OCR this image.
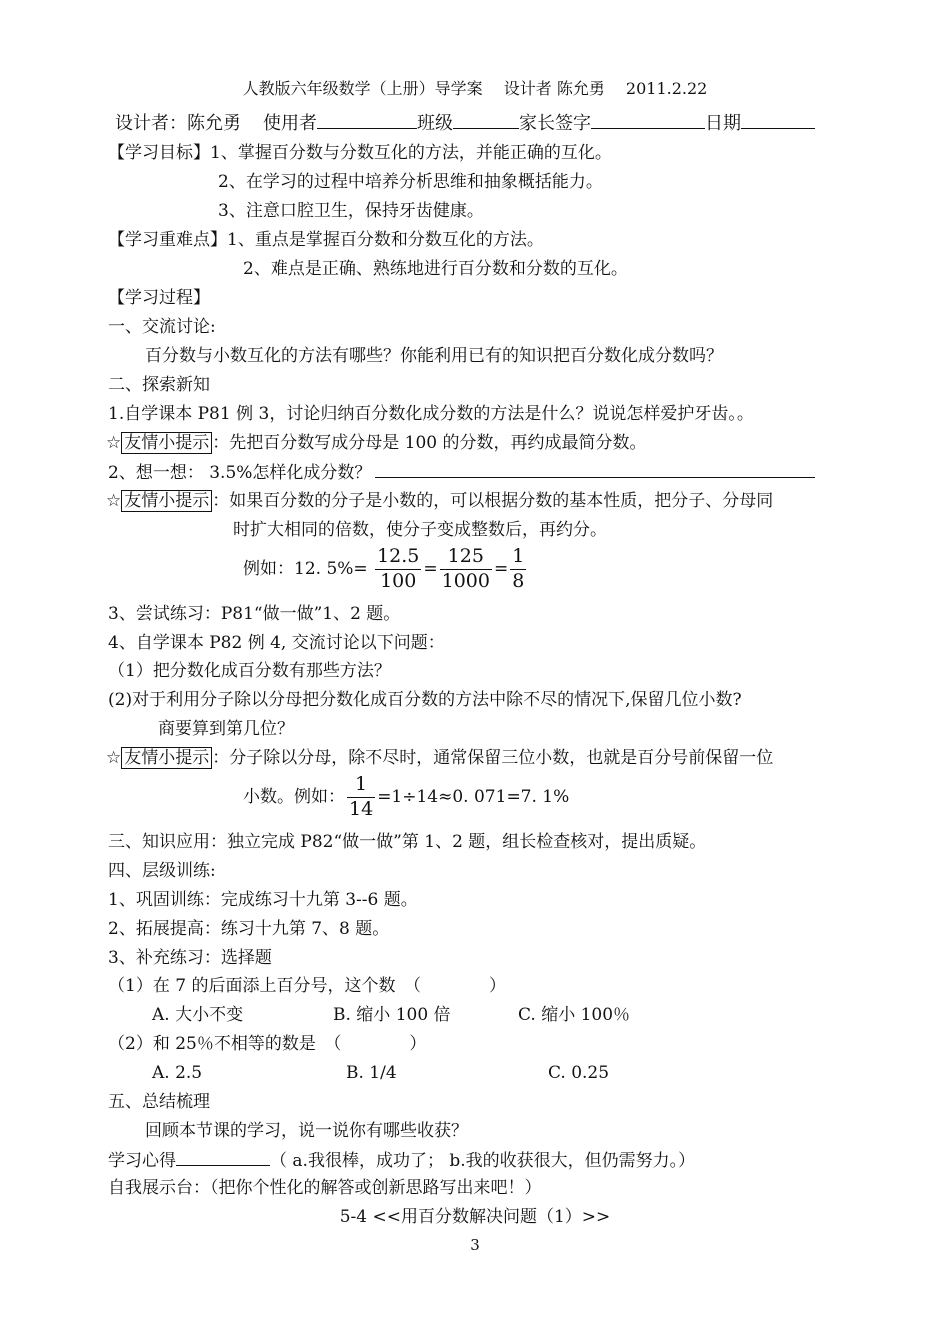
人教版六年级数学（上册）导学案　 设计者 陈允勇　 2011.2.22
设计者：陈允勇 使用者	班级	家长签字	日期
【学习目标】1、掌握百分数与分数互化的方法，并能正确的互化。
2、在学习的过程中培养分析思维和抽象概括能力。
3、注意口腔卫生，保持牙齿健康。
【学习重难点】1、重点是掌握百分数和分数互化的方法。
2、难点是正确、熟练地进行百分数和分数的互化。
【学习过程】
一、交流讨论:
百分数与小数互化的方法有哪些？你能利用已有的知识把百分数化成分数吗？
二、探索新知
1.自学课本 P81 例 3，讨论归纳百分数化成分数的方法是什么？说说怎样爱护牙齿。。
☆ 友情小提示 ：先把百分数写成分母是 100 的分数，再约成最简分数。
2、想一想： 3.5%怎样化成分数？
☆ 友情小提示 ：如果百分数的分子是小数的，可以根据分数的基本性质，把分子、分母同
时扩大相同的倍数，使分子变成整数后，再约分。
例如：12. $5\%= \frac{12.5}{100} = \frac{125}{1000} = \frac{1}{8}$
3、尝试练习：P81“做一做”1、2 题。
4、自学课本 P82 例 4, 交流讨论以下问题：
（1）把分数化成百分数有那些方法？
(2)对于利用分子除以分母把分数化成百分数的方法中除不尽的情况下,保留几位小数?
商要算到第几位？
☆ 友情小提示 ：分子除以分母，除不尽时，通常保留三位小数，也就是百分号前保留一位
小数。例如： $\frac{1}{14} =1\div 14\approx 0$. 071=7. 1%
三、知识应用：独立完成 P82“做一做”第 1、2 题，组长检查核对，提出质疑。
四、层级训练:
1、巩固训练：完成练习十九第 3--6 题。
2、拓展提高：练习十九第 7、8 题。
3、补充练习：选择题
（1）在 7 的后面添上百分号，这个数　（　　　　）
A. 大小不变	B. 缩小 100 倍	C. 缩小 100％
（2）和 25％不相等的数是　（　　　　）
A. 2.5	B. 1/4	C. 0.25
五、总结梳理
回顾本节课的学习，说一说你有哪些收获？
学习心得	（ a.我很棒，成功了； b.我的收获很大，但仍需努力。）
自我展示台：（把你个性化的解答或创新思路写出来吧！）
5-4 <<用百分数解决问题（1）>>
3
